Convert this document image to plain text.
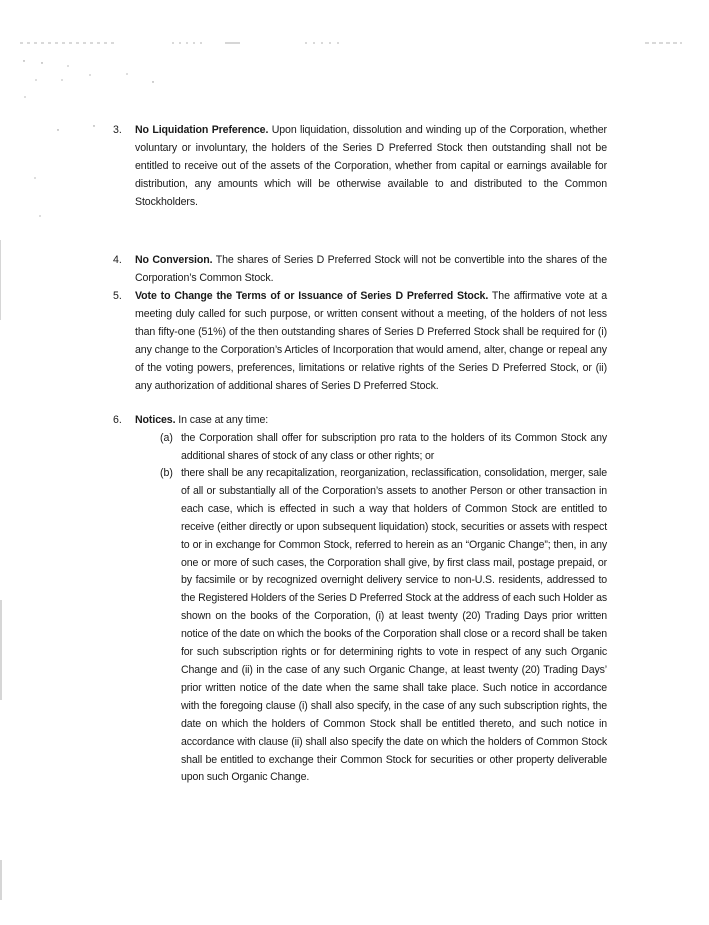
3. No Liquidation Preference. Upon liquidation, dissolution and winding up of the Corporation, whether voluntary or involuntary, the holders of the Series D Preferred Stock then outstanding shall not be entitled to receive out of the assets of the Corporation, whether from capital or earnings available for distribution, any amounts which will be otherwise available to and distributed to the Common Stockholders.
4. No Conversion. The shares of Series D Preferred Stock will not be convertible into the shares of the Corporation’s Common Stock.
5. Vote to Change the Terms of or Issuance of Series D Preferred Stock. The affirmative vote at a meeting duly called for such purpose, or written consent without a meeting, of the holders of not less than fifty-one (51%) of the then outstanding shares of Series D Preferred Stock shall be required for (i) any change to the Corporation’s Articles of Incorporation that would amend, alter, change or repeal any of the voting powers, preferences, limitations or relative rights of the Series D Preferred Stock, or (ii) any authorization of additional shares of Series D Preferred Stock.
6. Notices. In case at any time:
(a) the Corporation shall offer for subscription pro rata to the holders of its Common Stock any additional shares of stock of any class or other rights; or
(b) there shall be any recapitalization, reorganization, reclassification, consolidation, merger, sale of all or substantially all of the Corporation’s assets to another Person or other transaction in each case, which is effected in such a way that holders of Common Stock are entitled to receive (either directly or upon subsequent liquidation) stock, securities or assets with respect to or in exchange for Common Stock, referred to herein as an “Organic Change”; then, in any one or more of such cases, the Corporation shall give, by first class mail, postage prepaid, or by facsimile or by recognized overnight delivery service to non-U.S. residents, addressed to the Registered Holders of the Series D Preferred Stock at the address of each such Holder as shown on the books of the Corporation, (i) at least twenty (20) Trading Days prior written notice of the date on which the books of the Corporation shall close or a record shall be taken for such subscription rights or for determining rights to vote in respect of any such Organic Change and (ii) in the case of any such Organic Change, at least twenty (20) Trading Days’ prior written notice of the date when the same shall take place. Such notice in accordance with the foregoing clause (i) shall also specify, in the case of any such subscription rights, the date on which the holders of Common Stock shall be entitled thereto, and such notice in accordance with clause (ii) shall also specify the date on which the holders of Common Stock shall be entitled to exchange their Common Stock for securities or other property deliverable upon such Organic Change.
